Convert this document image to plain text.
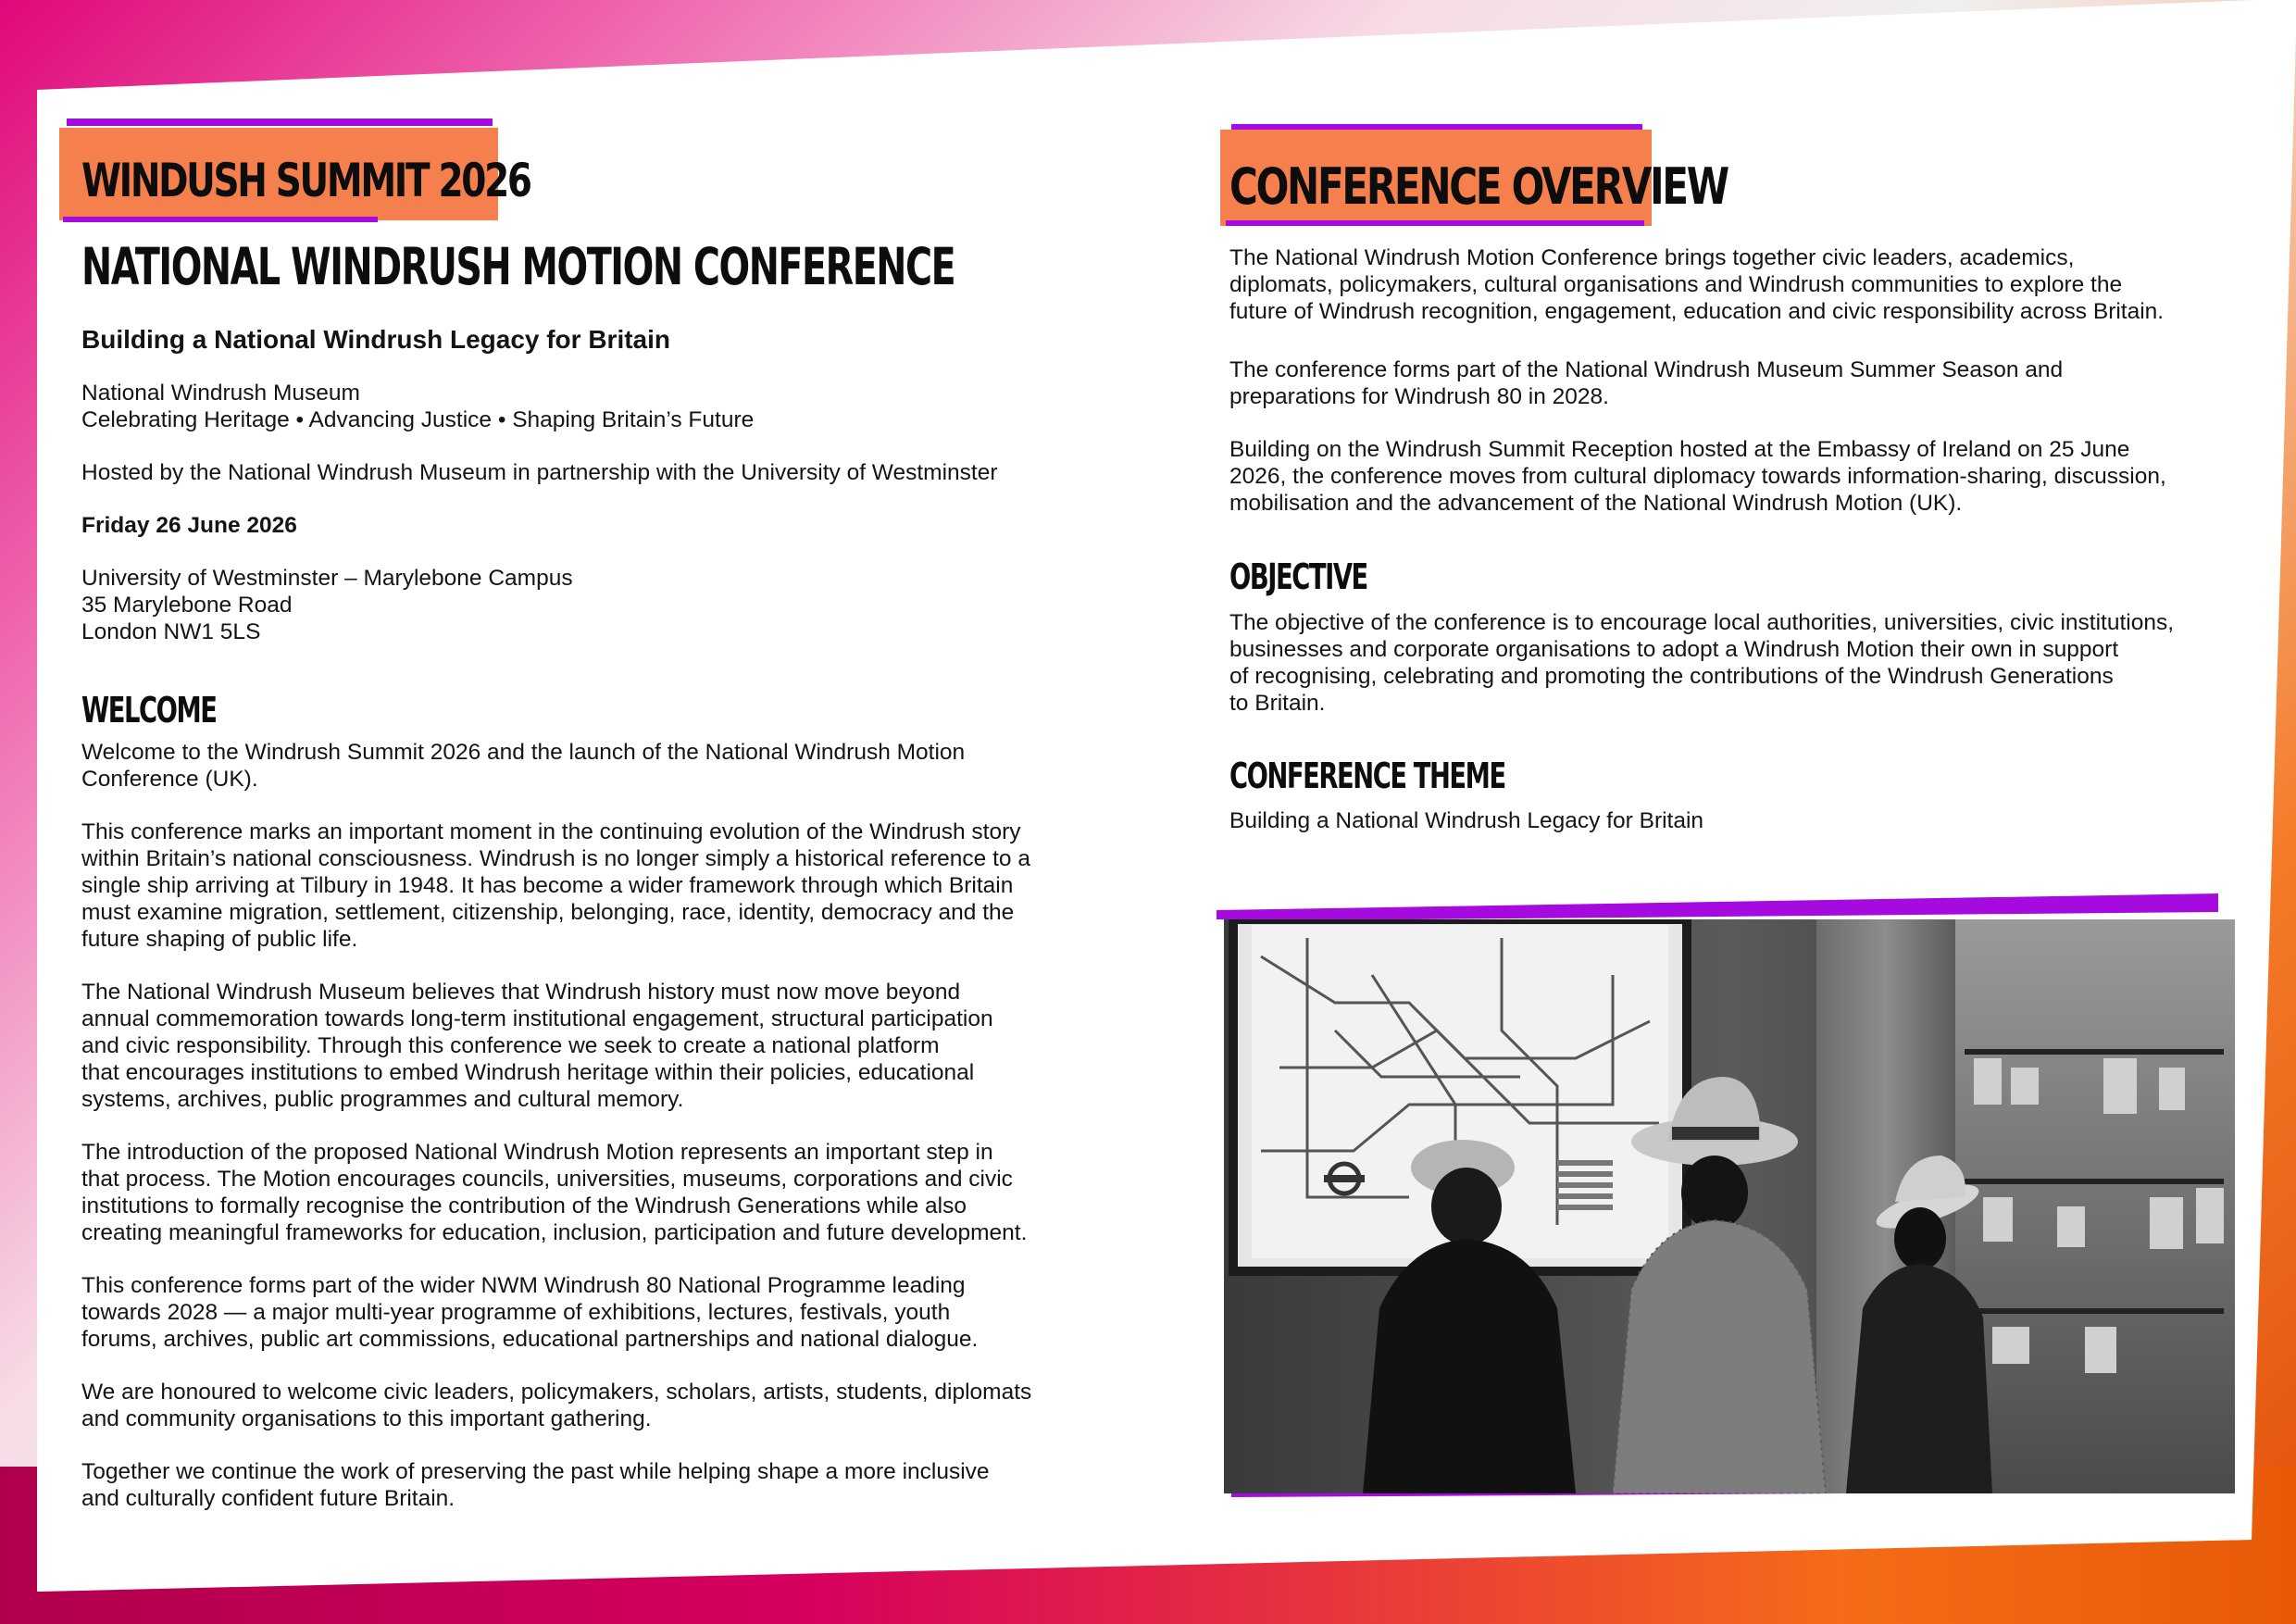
WINDUSH SUMMIT 2026
NATIONAL WINDRUSH MOTION CONFERENCE
Building a National Windrush Legacy for Britain

National Windrush Museum

Celebrating Heritage • Advancing Justice • Shaping Britain’s Future

Hosted by the National Windrush Museum in partnership with the University of Westminster
Friday 26 June 2026

University of Westminster – Marylebone Campus

35 Marylebone Road

London NW1 5LS

WELCOME

Welcome to the Windrush Summit 2026 and the launch of the National Windrush Motion

Conference (UK).

This conference marks an important moment in the continuing evolution of the Windrush story

within Britain’s national consciousness. Windrush is no longer simply a historical reference to a

single ship arriving at Tilbury in 1948. It has become a wider framework through which Britain

must examine migration, settlement, citizenship, belonging, race, identity, democracy and the

future shaping of public life.

The National Windrush Museum believes that Windrush history must now move beyond

annual commemoration towards long-term institutional engagement, structural participation

and civic responsibility. Through this conference we seek to create a national platform

that encourages institutions to embed Windrush heritage within their policies, educational

systems, archives, public programmes and cultural memory.

The introduction of the proposed National Windrush Motion represents an important step in

that process. The Motion encourages councils, universities, museums, corporations and civic

institutions to formally recognise the contribution of the Windrush Generations while also

creating meaningful frameworks for education, inclusion, participation and future development.

This conference forms part of the wider NWM Windrush 80 National Programme leading

towards 2028 — a major multi-year programme of exhibitions, lectures, festivals, youth

forums, archives, public art commissions, educational partnerships and national dialogue.

We are honoured to welcome civic leaders, policymakers, scholars, artists, students, diplomats

and community organisations to this important gathering.

Together we continue the work of preserving the past while helping shape a more inclusive

and culturally confident future Britain.

CONFERENCE OVERVIEW

The National Windrush Motion Conference brings together civic leaders, academics,

diplomats, policymakers, cultural organisations and Windrush communities to explore the

future of Windrush recognition, engagement, education and civic responsibility across Britain.

The conference forms part of the National Windrush Museum Summer Season and

preparations for Windrush 80 in 2028.

Building on the Windrush Summit Reception hosted at the Embassy of Ireland on 25 June

2026, the conference moves from cultural diplomacy towards information-sharing, discussion,

mobilisation and the advancement of the National Windrush Motion (UK).

OBJECTIVE

The objective of the conference is to encourage local authorities, universities, civic institutions,

businesses and corporate organisations to adopt a Windrush Motion their own in support

of recognising, celebrating and promoting the contributions of the Windrush Generations

to Britain.

CONFERENCE THEME
Building a National Windrush Legacy for Britain
